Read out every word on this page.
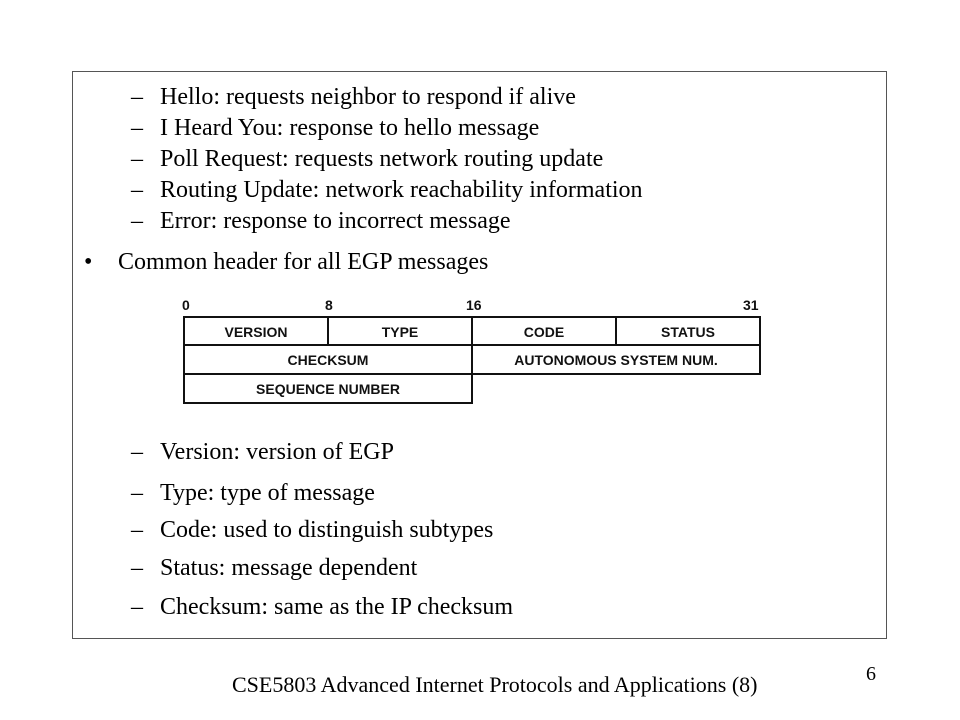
– Hello: requests neighbor to respond if alive
– I Heard You: response to hello message
– Poll Request: requests network routing update
– Routing Update: network reachability information
– Error: response to incorrect message
• Common header for all EGP messages
0	8	16	31
VERSION	TYPE	CODE	STATUS
CHECKSUM	AUTONOMOUS SYSTEM NUM.
SEQUENCE NUMBER
– Version: version of EGP
– Type: type of message
– Code: used to distinguish subtypes
– Status: message dependent
– Checksum: same as the IP checksum
6
CSE5803 Advanced Internet Protocols and Applications (8)
